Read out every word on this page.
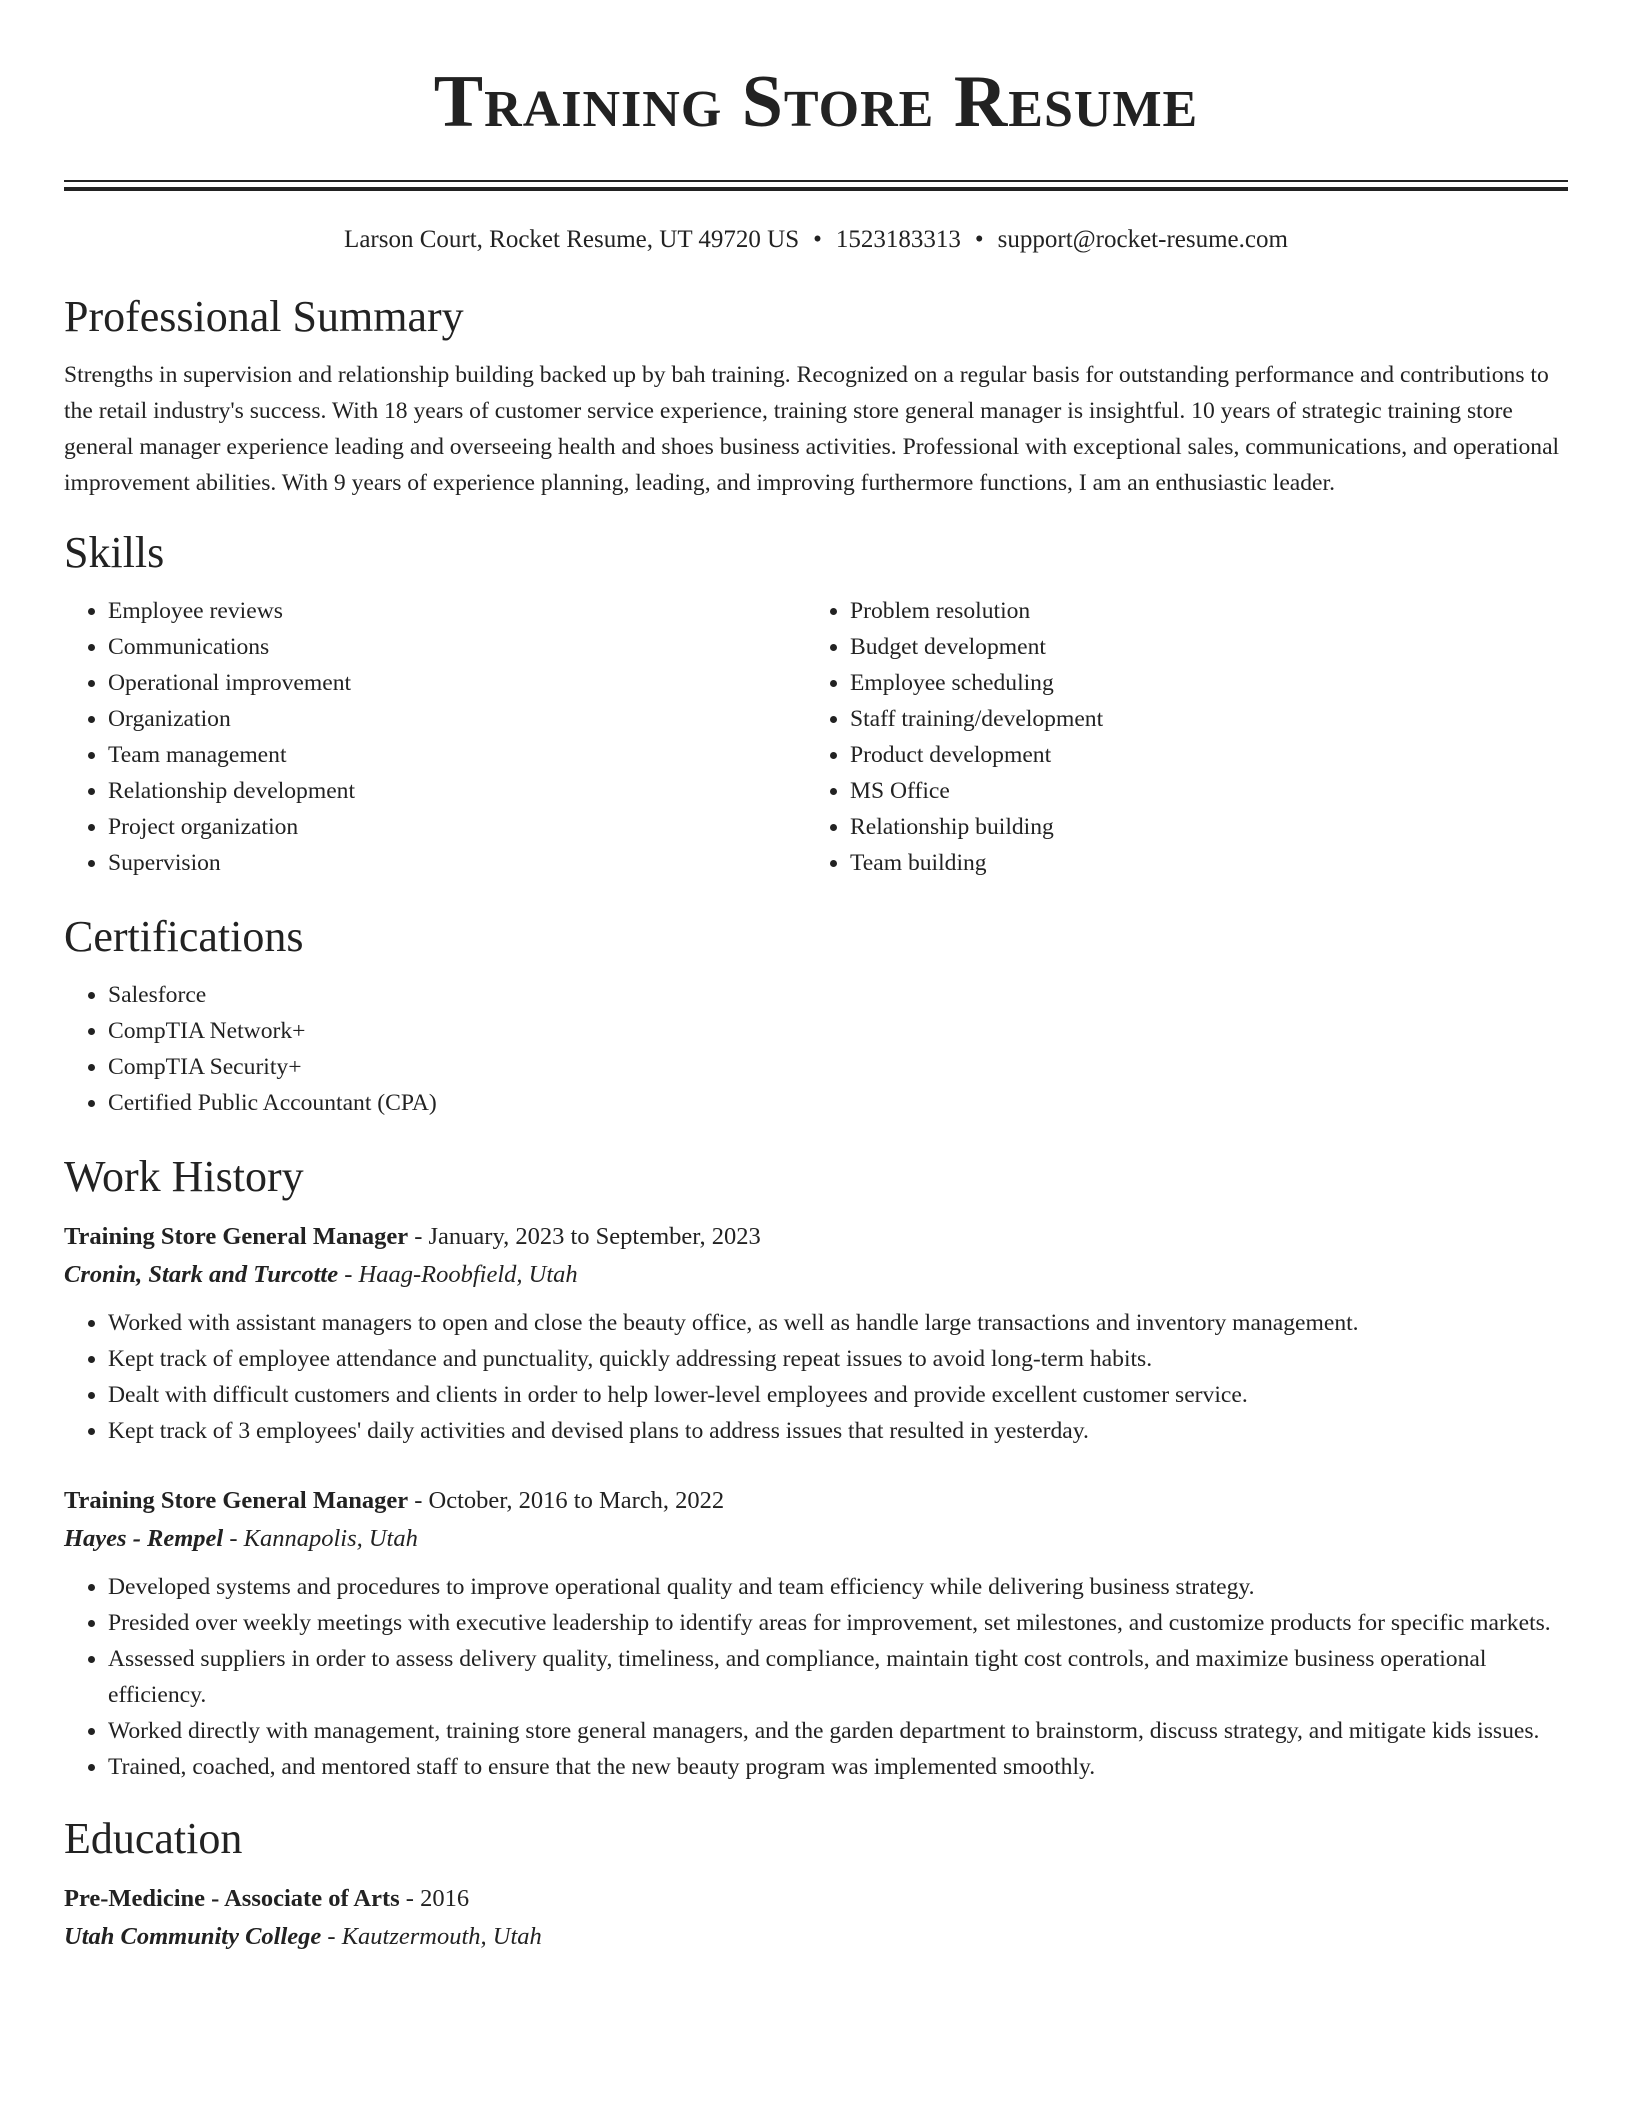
Training Store Resume
Larson Court, Rocket Resume, UT 49720 US • 1523183313 • support@rocket-resume.com
Professional Summary

Strengths in supervision and relationship building backed up by bah training. Recognized on a regular basis for outstanding performance and contributions to the retail industry's success. With 18 years of customer service experience, training store general manager is insightful. 10 years of strategic training store general manager experience leading and overseeing health and shoes business activities. Professional with exceptional sales, communications, and operational improvement abilities. With 9 years of experience planning, leading, and improving furthermore functions, I am an enthusiastic leader.

Skills
• Employee reviews
• Communications
• Operational improvement
• Organization
• Team management
• Relationship development
• Project organization
• Supervision
• Problem resolution
• Budget development
• Employee scheduling
• Staff training/development
• Product development
• MS Office
• Relationship building
• Team building
Certifications
• Salesforce
• CompTIA Network+
• CompTIA Security+
• Certified Public Accountant (CPA)
Work History
Training Store General Manager - January, 2023 to September, 2023
Cronin, Stark and Turcotte - Haag-Roobfield, Utah
• Worked with assistant managers to open and close the beauty office, as well as handle large transactions and inventory management.
• Kept track of employee attendance and punctuality, quickly addressing repeat issues to avoid long-term habits.
• Dealt with difficult customers and clients in order to help lower-level employees and provide excellent customer service.
• Kept track of 3 employees' daily activities and devised plans to address issues that resulted in yesterday.
Training Store General Manager - October, 2016 to March, 2022
Hayes - Rempel - Kannapolis, Utah
• Developed systems and procedures to improve operational quality and team efficiency while delivering business strategy.
• Presided over weekly meetings with executive leadership to identify areas for improvement, set milestones, and customize products for specific markets.
• Assessed suppliers in order to assess delivery quality, timeliness, and compliance, maintain tight cost controls, and maximize business operational efficiency.
• Worked directly with management, training store general managers, and the garden department to brainstorm, discuss strategy, and mitigate kids issues.
• Trained, coached, and mentored staff to ensure that the new beauty program was implemented smoothly.
Education
Pre-Medicine - Associate of Arts - 2016
Utah Community College - Kautzermouth, Utah
